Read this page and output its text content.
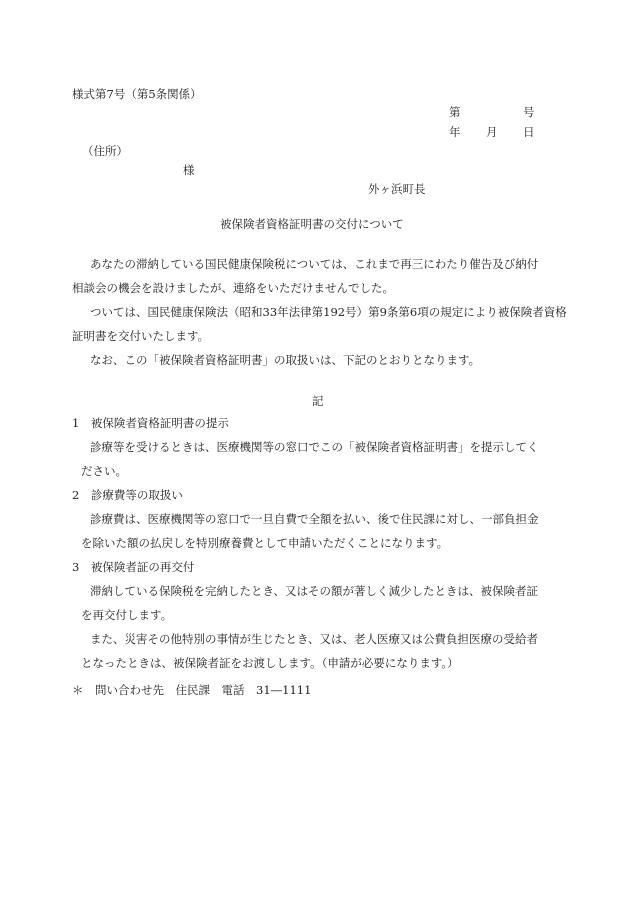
様式第7号（第5条関係）
第	号
年 月 日
（住所）
様
外ヶ浜町長
被保険者資格証明書の交付について
あなたの滞納している国民健康保険税については、これまで再三にわたり催告及び納付
相談会の機会を設けましたが、連絡をいただけませんでした。
ついては、国民健康保険法（昭和33年法律第192号）第9条第6項の規定により被保険者資格
証明書を交付いたします。
なお、この「被保険者資格証明書」の取扱いは、下記のとおりとなります。
記
1　被保険者資格証明書の提示
診療等を受けるときは、医療機関等の窓口でこの「被保険者資格証明書」を提示してく
ださい。
2　診療費等の取扱い
診療費は、医療機関等の窓口で一旦自費で全額を払い、後で住民課に対し、一部負担金
を除いた額の払戻しを特別療養費として申請いただくことになります。
3　被保険者証の再交付
滞納している保険税を完納したとき、又はその額が著しく減少したときは、被保険者証
を再交付します。
また、災害その他特別の事情が生じたとき、又は、老人医療又は公費負担医療の受給者
となったときは、被保険者証をお渡しします。（申請が必要になります。）
＊　問い合わせ先　住民課　電話　31―1111
